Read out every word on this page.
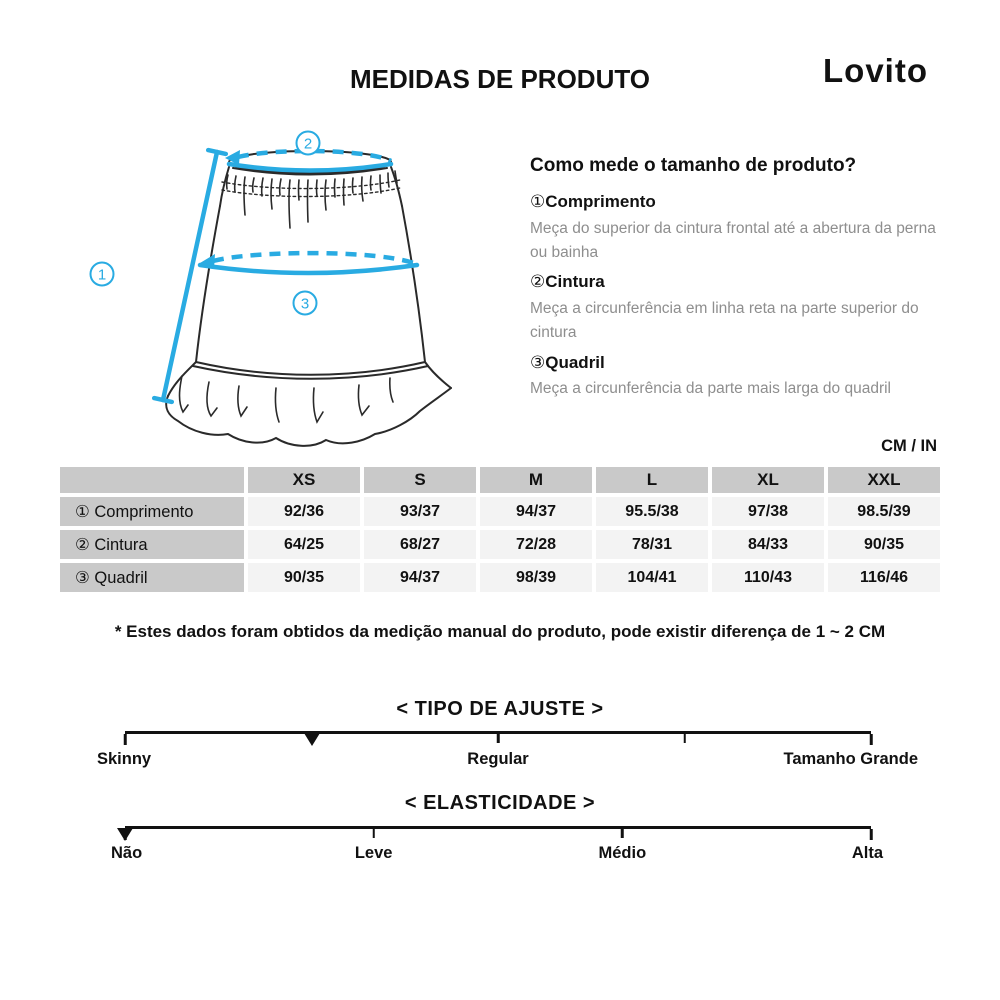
MEDIDAS DE PRODUTO	Lovito
1
2
3
Como mede o tamanho de produto?
①Comprimento

Meça do superior da cintura frontal até a abertura da perna ou bainha

②Cintura

Meça a circunferência em linha reta na parte superior do cintura

③Quadril

Meça a circunferência da parte mais larga do quadril

CM / IN
	XS	S	M	L	XL	XXL
① Comprimento	92/36	93/37	94/37	95.5/38	97/38	98.5/39
② Cintura	64/25	68/27	72/28	78/31	84/33	90/35
③ Quadril	90/35	94/37	98/39	104/41	110/43	116/46
* Estes dados foram obtidos da medição manual do produto, pode existir diferença de 1 ~ 2 CM
< TIPO DE AJUSTE >
Skinny	Regular	Tamanho Grande
< ELASTICIDADE >
Não	Leve	Médio	Alta
